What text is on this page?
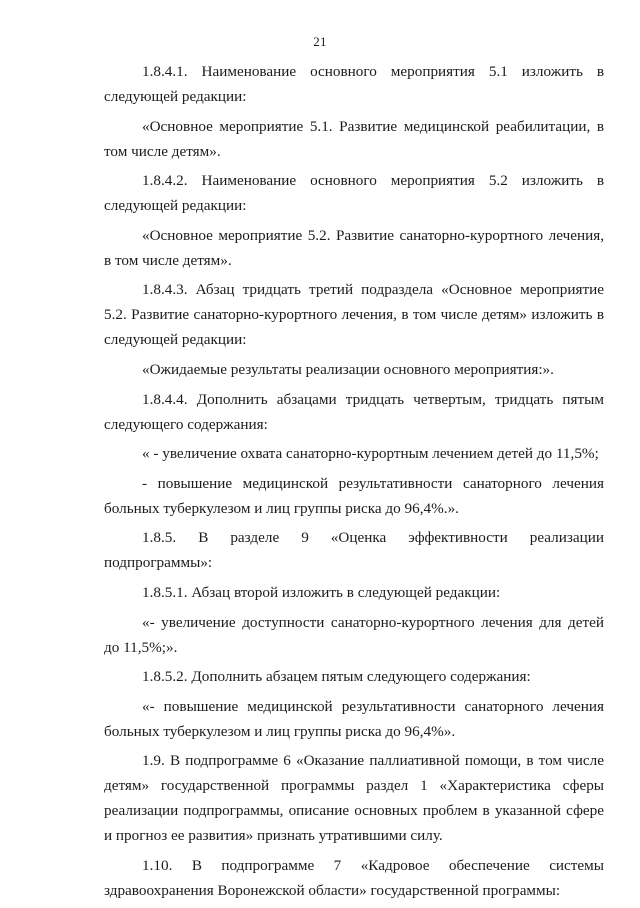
21

1.8.4.1. Наименование основного мероприятия 5.1 изложить в следующей редакции:

«Основное мероприятие 5.1. Развитие медицинской реабилитации, в том числе детям».

1.8.4.2. Наименование основного мероприятия 5.2 изложить в следующей редакции:

«Основное мероприятие 5.2. Развитие санаторно-курортного лечения, в том числе детям».

1.8.4.3. Абзац тридцать третий подраздела «Основное мероприятие 5.2. Развитие санаторно-курортного лечения, в том числе детям» изложить в следующей редакции:

«Ожидаемые результаты реализации основного мероприятия:».

1.8.4.4. Дополнить абзацами тридцать четвертым, тридцать пятым следующего содержания:

« - увеличение охвата санаторно-курортным лечением детей до 11,5%;

- повышение медицинской результативности санаторного лечения больных туберкулезом и лиц группы риска до 96,4%.».

1.8.5. В разделе 9 «Оценка эффективности реализации подпрограммы»:

1.8.5.1. Абзац второй изложить в следующей редакции:

«- увеличение доступности санаторно-курортного лечения для детей до 11,5%;».

1.8.5.2. Дополнить абзацем пятым следующего содержания:

«- повышение медицинской результативности санаторного лечения больных туберкулезом и лиц группы риска до 96,4%».

1.9. В подпрограмме 6 «Оказание паллиативной помощи, в том числе детям» государственной программы раздел 1 «Характеристика сферы реализации подпрограммы, описание основных проблем в указанной сфере и прогноз ее развития» признать утратившими силу.

1.10. В подпрограмме 7 «Кадровое обеспечение системы здравоохранения Воронежской области» государственной программы:
